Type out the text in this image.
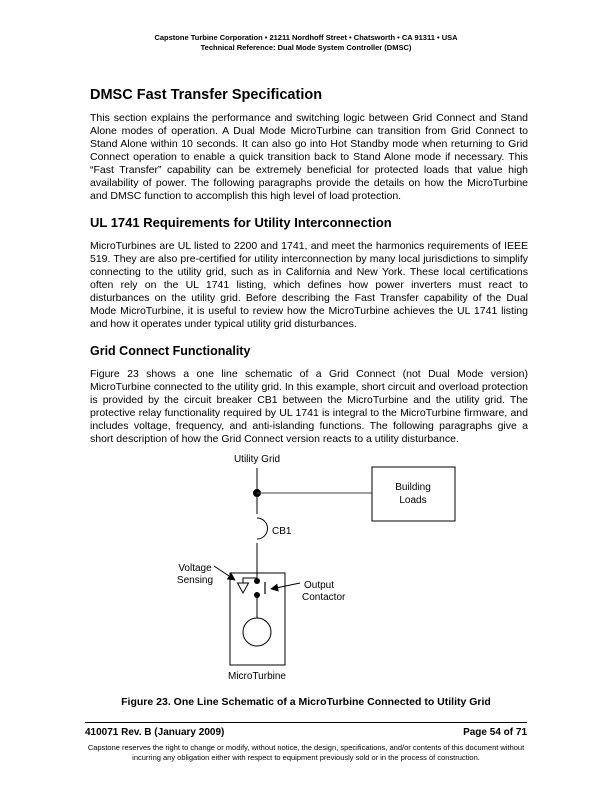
Capstone Turbine Corporation • 21211 Nordhoff Street • Chatsworth • CA 91311 • USA
Technical Reference: Dual Mode System Controller (DMSC)
DMSC Fast Transfer Specification
This section explains the performance and switching logic between Grid Connect and Stand Alone modes of operation. A Dual Mode MicroTurbine can transition from Grid Connect to Stand Alone within 10 seconds. It can also go into Hot Standby mode when returning to Grid Connect operation to enable a quick transition back to Stand Alone mode if necessary. This “Fast Transfer” capability can be extremely beneficial for protected loads that value high availability of power. The following paragraphs provide the details on how the MicroTurbine and DMSC function to accomplish this high level of load protection.
UL 1741 Requirements for Utility Interconnection
MicroTurbines are UL listed to 2200 and 1741, and meet the harmonics requirements of IEEE 519. They are also pre-certified for utility interconnection by many local jurisdictions to simplify connecting to the utility grid, such as in California and New York. These local certifications often rely on the UL 1741 listing, which defines how power inverters must react to disturbances on the utility grid. Before describing the Fast Transfer capability of the Dual Mode MicroTurbine, it is useful to review how the MicroTurbine achieves the UL 1741 listing and how it operates under typical utility grid disturbances.
Grid Connect Functionality
Figure 23 shows a one line schematic of a Grid Connect (not Dual Mode version) MicroTurbine connected to the utility grid. In this example, short circuit and overload protection is provided by the circuit breaker CB1 between the MicroTurbine and the utility grid. The protective relay functionality required by UL 1741 is integral to the MicroTurbine firmware, and includes voltage, frequency, and anti-islanding functions. The following paragraphs give a short description of how the Grid Connect version reacts to a utility disturbance.
Utility Grid
Building
Loads
CB1
MicroTurbine
Voltage
Sensing	Output
Contactor
Figure 23. One Line Schematic of a MicroTurbine Connected to Utility Grid
410071 Rev. B (January 2009)	Page 54 of 71
Capstone reserves the right to change or modify, without notice, the design, specifications, and/or contents of this document without incurring any obligation either with respect to equipment previously sold or in the process of construction.
